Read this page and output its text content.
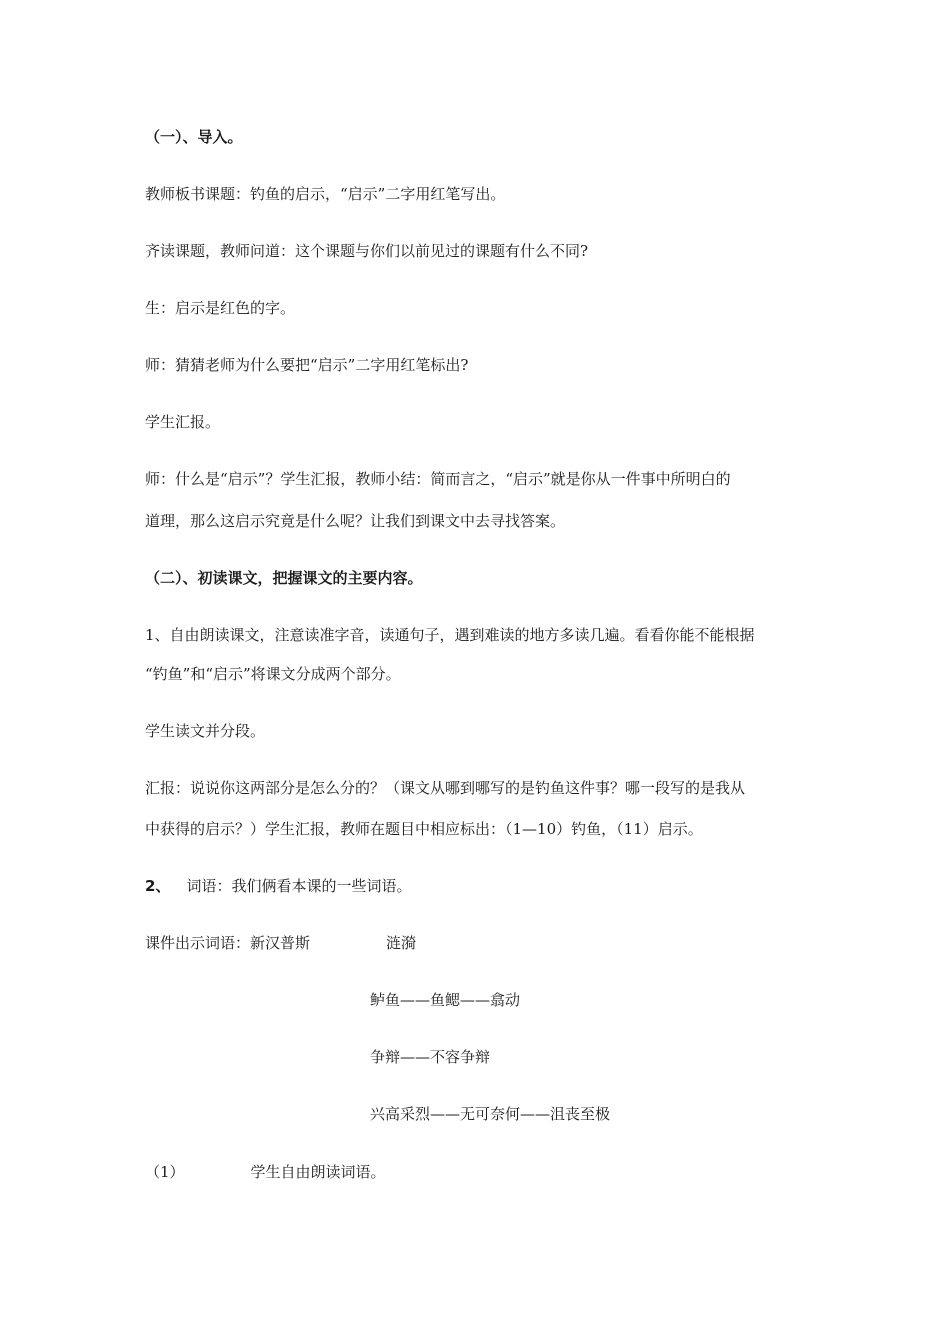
（一）、导入。
教师板书课题：钓鱼的启示，“启示”二字用红笔写出。
齐读课题，教师问道：这个课题与你们以前见过的课题有什么不同?
生：启示是红色的字。
师：猜猜老师为什么要把“启示”二字用红笔标出?
学生汇报。
师：什么是“启示”？学生汇报，教师小结：简而言之，“启示”就是你从一件事中所明白的
道理，那么这启示究竟是什么呢？让我们到课文中去寻找答案。
（二）、初读课文，把握课文的主要内容。
1、自由朗读课文，注意读准字音，读通句子，遇到难读的地方多读几遍。看看你能不能根据
“钓鱼”和“启示”将课文分成两个部分。
学生读文并分段。
汇报：说说你这两部分是怎么分的？（课文从哪到哪写的是钓鱼这件事？哪一段写的是我从
中获得的启示？）学生汇报，教师在题目中相应标出：（1—10）钓鱼，（11）启示。
2、 词语：我们俩看本课的一些词语。
课件出示词语：新汉普斯	涟漪
鲈鱼——鱼鳃——翕动
争辩——不容争辩
兴高采烈——无可奈何——沮丧至极
（1）	学生自由朗读词语。
